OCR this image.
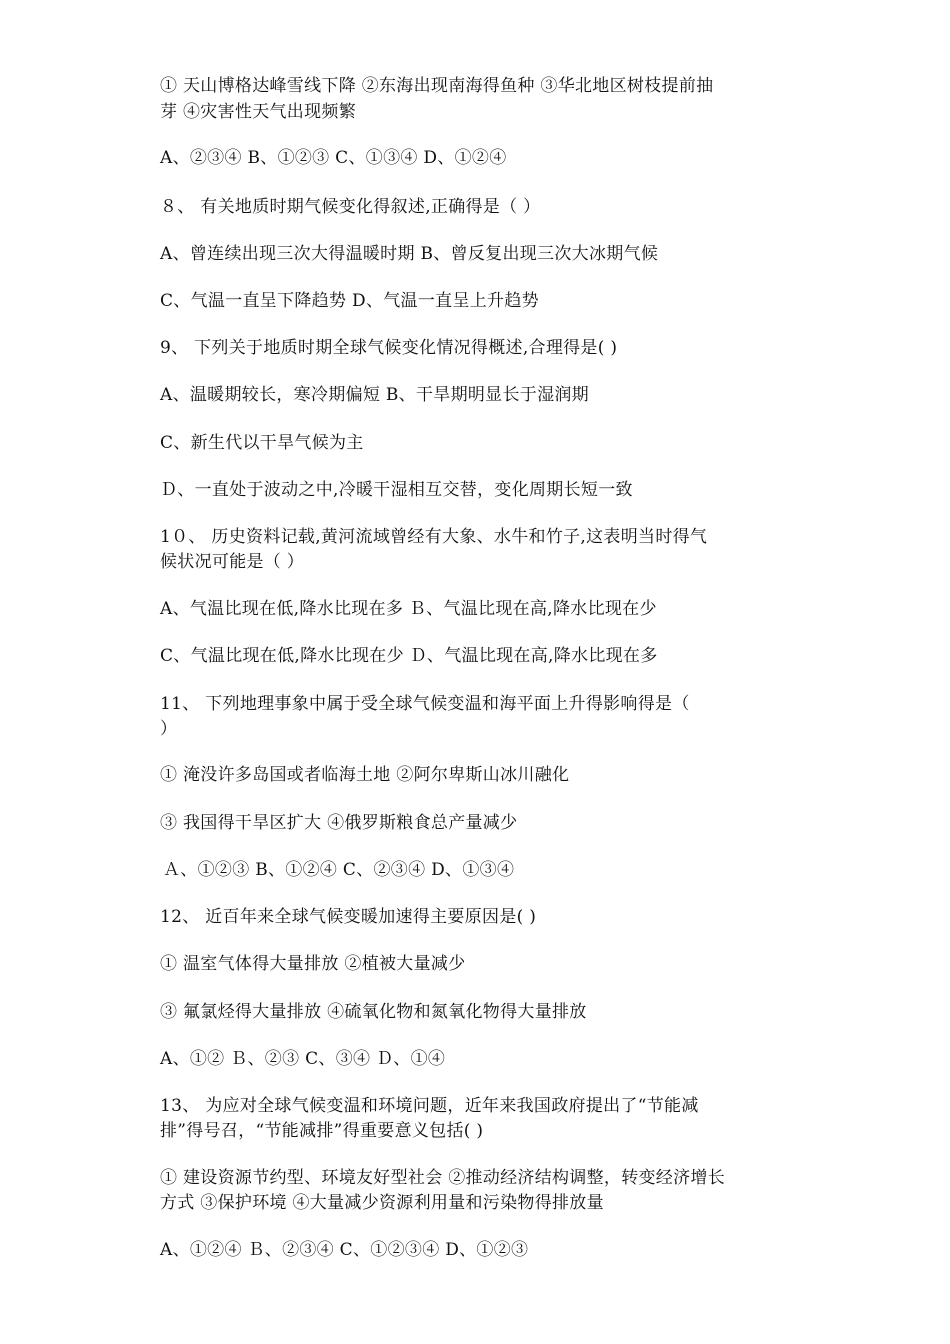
① 天山博格达峰雪线下降 ②东海出现南海得鱼种 ③华北地区树枝提前抽
芽 ④灾害性天气出现频繁
A、②③④ B、①②③ C、①③④ D、①②④
８、 有关地质时期气候变化得叙述,正确得是（ ）
A、曾连续出现三次大得温暖时期 B、曾反复出现三次大冰期气候
C、气温一直呈下降趋势 D、气温一直呈上升趋势
9、 下列关于地质时期全球气候变化情况得概述,合理得是( )
A、温暖期较长，寒冷期偏短 B、干旱期明显长于湿润期
C、新生代以干旱气候为主
Ｄ、一直处于波动之中,冷暖干湿相互交替，变化周期长短一致
1０、 历史资料记载,黄河流域曾经有大象、水牛和竹子,这表明当时得气
候状况可能是（ ）
A、气温比现在低,降水比现在多 Ｂ、气温比现在高,降水比现在少
C、气温比现在低,降水比现在少 Ｄ、气温比现在高,降水比现在多
11、 下列地理事象中属于受全球气候变温和海平面上升得影响得是（
）
① 淹没许多岛国或者临海土地 ②阿尔卑斯山冰川融化
③ 我国得干旱区扩大 ④俄罗斯粮食总产量减少
Ａ、①②③ B、①②④ C、②③④ D、①③④
12、 近百年来全球气候变暖加速得主要原因是( )
① 温室气体得大量排放 ②植被大量减少
③ 氟氯烃得大量排放 ④硫氧化物和氮氧化物得大量排放
A、①② Ｂ、②③ C、③④ Ｄ、①④
13、 为应对全球气候变温和环境问题，近年来我国政府提出了“节能减
排”得号召，“节能减排”得重要意义包括( )
① 建设资源节约型、环境友好型社会 ②推动经济结构调整，转变经济增长
方式 ③保护环境 ④大量减少资源利用量和污染物得排放量
A、①②④ Ｂ、②③④ C、①②③④ D、①②③
